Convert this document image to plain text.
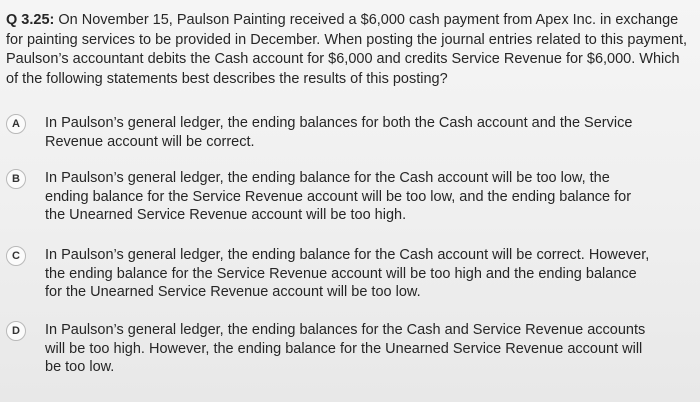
Q 3.25: On November 15, Paulson Painting received a $6,000 cash payment from Apex Inc. in exchange for painting services to be provided in December. When posting the journal entries related to this payment, Paulson’s accountant debits the Cash account for $6,000 and credits Service Revenue for $6,000. Which of the following statements best describes the results of this posting?
A	In Paulson’s general ledger, the ending balances for both the Cash account and the Service Revenue account will be correct.
B	In Paulson’s general ledger, the ending balance for the Cash account will be too low, the ending balance for the Service Revenue account will be too low, and the ending balance for the Unearned Service Revenue account will be too high.
C	In Paulson’s general ledger, the ending balance for the Cash account will be correct. However, the ending balance for the Service Revenue account will be too high and the ending balance for the Unearned Service Revenue account will be too low.
D	In Paulson’s general ledger, the ending balances for the Cash and Service Revenue accounts will be too high. However, the ending balance for the Unearned Service Revenue account will be too low.
